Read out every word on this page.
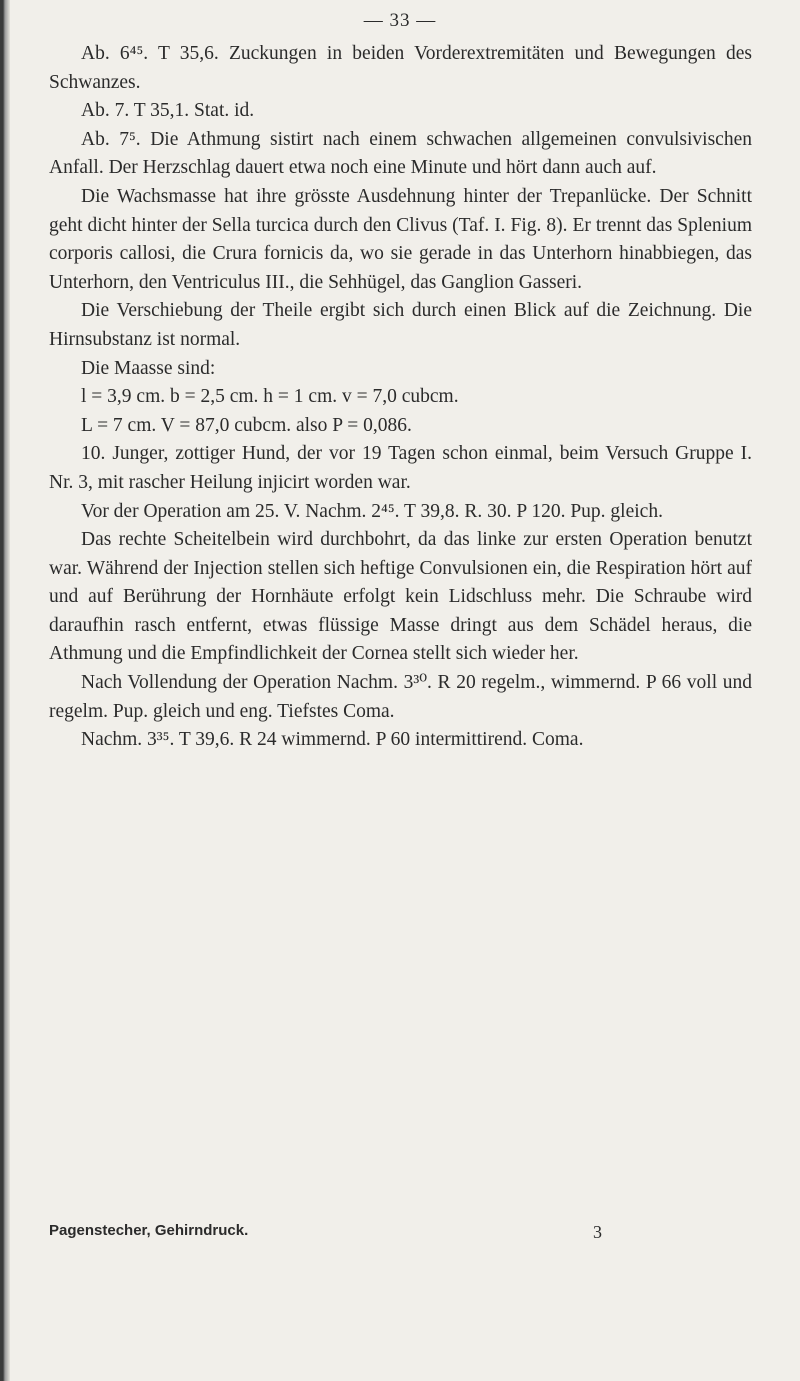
— 33 —

Ab. 6⁴⁵. T 35,6. Zuckungen in beiden Vorderextremitäten und Bewegungen des Schwanzes.

Ab. 7. T 35,1. Stat. id.

Ab. 7⁵. Die Athmung sistirt nach einem schwachen allgemeinen convulsivischen Anfall. Der Herzschlag dauert etwa noch eine Minute und hört dann auch auf.

Die Wachsmasse hat ihre grösste Ausdehnung hinter der Trepanlücke. Der Schnitt geht dicht hinter der Sella turcica durch den Clivus (Taf. I. Fig. 8). Er trennt das Splenium corporis callosi, die Crura fornicis da, wo sie gerade in das Unterhorn hinabbiegen, das Unterhorn, den Ventriculus III., die Sehhügel, das Ganglion Gasseri.

Die Verschiebung der Theile ergibt sich durch einen Blick auf die Zeichnung. Die Hirnsubstanz ist normal.

Die Maasse sind:

l = 3,9 cm. b = 2,5 cm. h = 1 cm. v = 7,0 cubcm.

L = 7 cm. V = 87,0 cubcm. also P = 0,086.

10. Junger, zottiger Hund, der vor 19 Tagen schon einmal, beim Versuch Gruppe I. Nr. 3, mit rascher Heilung injicirt worden war.

Vor der Operation am 25. V. Nachm. 2⁴⁵. T 39,8. R. 30. P 120. Pup. gleich.

Das rechte Scheitelbein wird durchbohrt, da das linke zur ersten Operation benutzt war. Während der Injection stellen sich heftige Convulsionen ein, die Respiration hört auf und auf Berührung der Hornhäute erfolgt kein Lidschluss mehr. Die Schraube wird daraufhin rasch entfernt, etwas flüssige Masse dringt aus dem Schädel heraus, die Athmung und die Empfindlichkeit der Cornea stellt sich wieder her.

Nach Vollendung der Operation Nachm. 3³⁰. R 20 regelm., wimmernd. P 66 voll und regelm. Pup. gleich und eng. Tiefstes Coma.

Nachm. 3³⁵. T 39,6. R 24 wimmernd. P 60 intermittirend. Coma.

Pagenstecher, Gehirndruck.	3
